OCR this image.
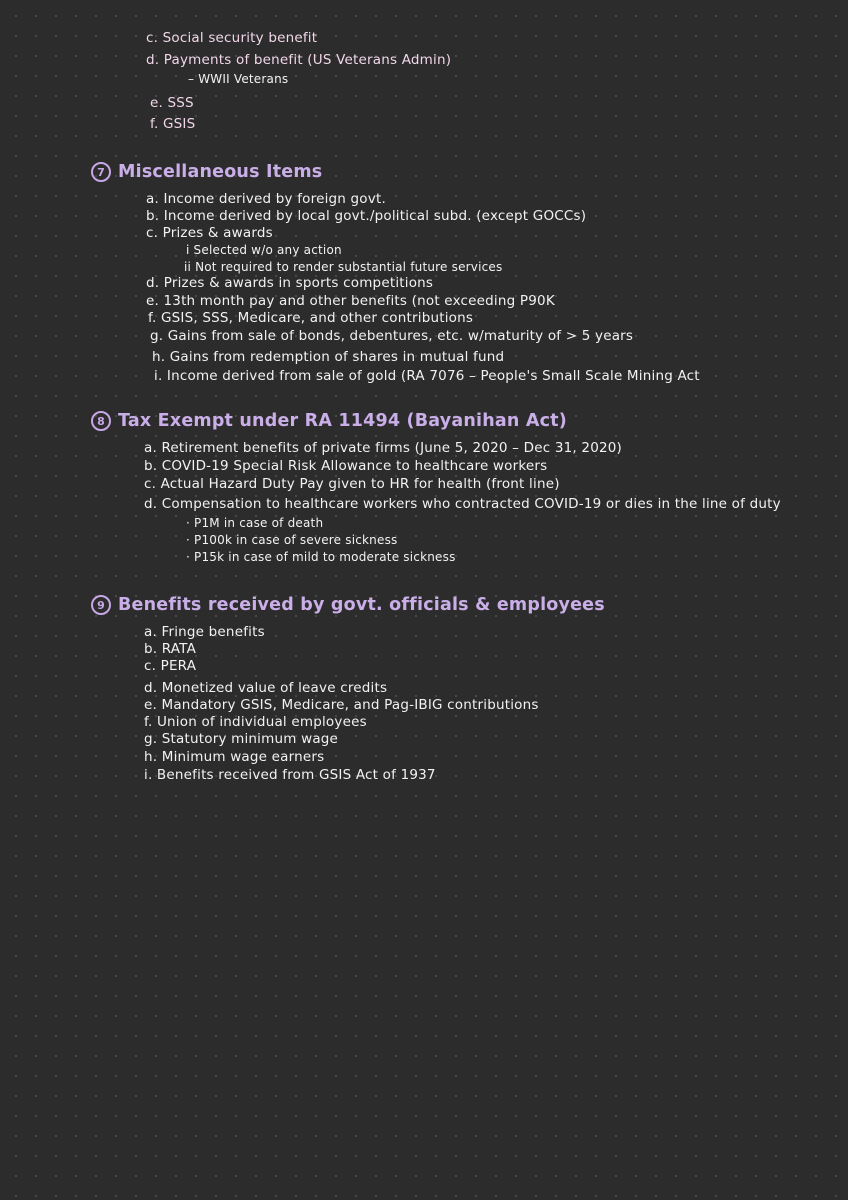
c. Social security benefit
d. Payments of benefit (US Veterans Admin)
– WWII Veterans
e. SSS
f. GSIS
7 Miscellaneous Items
a. Income derived by foreign govt.
b. Income derived by local govt./political subd. (except GOCCs)
c. Prizes & awards
i Selected w/o any action
ii Not required to render substantial future services
d. Prizes & awards in sports competitions
e. 13th month pay and other benefits (not exceeding P90K
f. GSIS, SSS, Medicare, and other contributions
g. Gains from sale of bonds, debentures, etc. w/maturity of > 5 years
h. Gains from redemption of shares in mutual fund
i. Income derived from sale of gold (RA 7076 – People's Small Scale Mining Act
8 Tax Exempt under RA 11494 (Bayanihan Act)
a. Retirement benefits of private firms (June 5, 2020 – Dec 31, 2020)
b. COVID-19 Special Risk Allowance to healthcare workers
c. Actual Hazard Duty Pay given to HR for health (front line)
d. Compensation to healthcare workers who contracted COVID-19 or dies in the line of duty
· P1M in case of death
· P100k in case of severe sickness
· P15k in case of mild to moderate sickness
9 Benefits received by govt. officials & employees
a. Fringe benefits
b. RATA
c. PERA
d. Monetized value of leave credits
e. Mandatory GSIS, Medicare, and Pag-IBIG contributions
f. Union of individual employees
g. Statutory minimum wage
h. Minimum wage earners
i. Benefits received from GSIS Act of 1937
